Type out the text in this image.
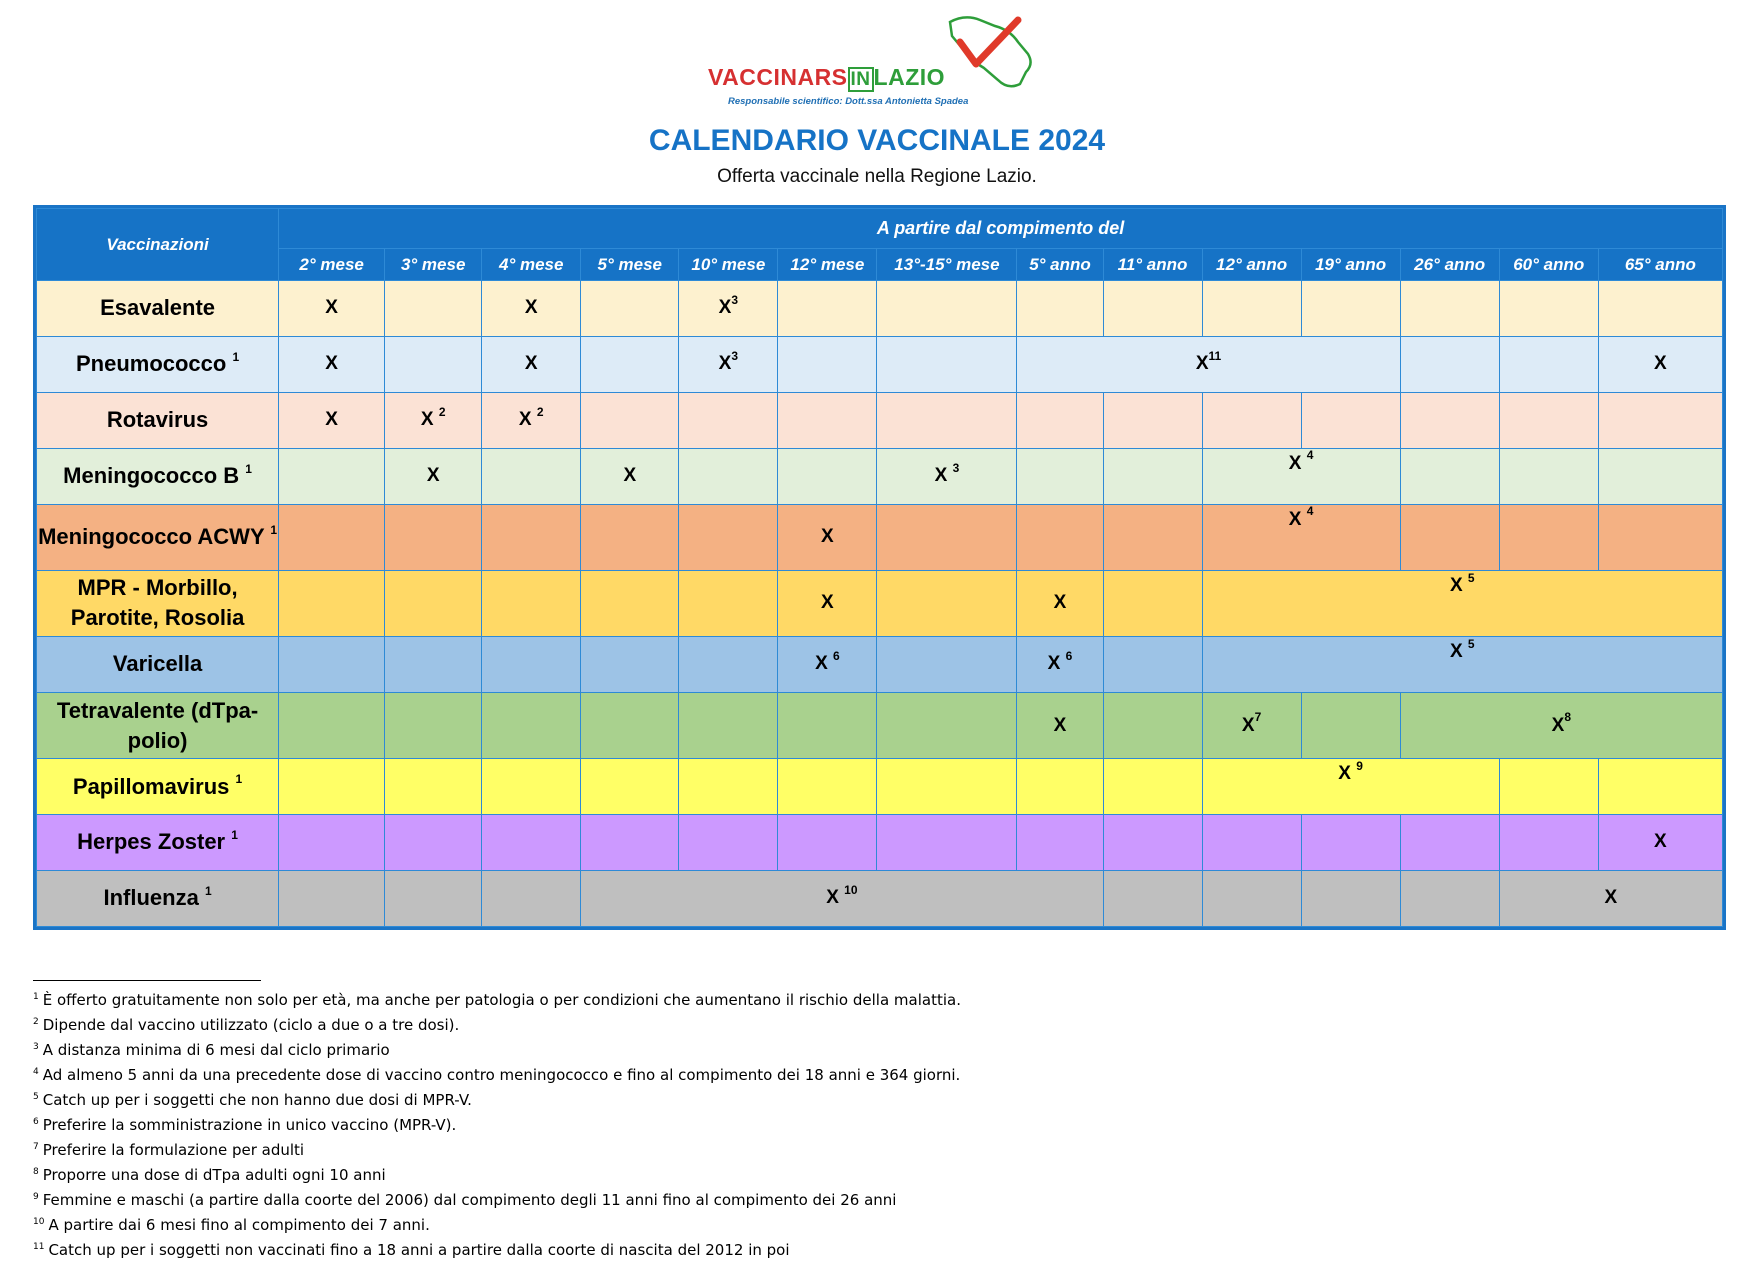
VACCINARS IN LAZIO
Responsabile scientifico: Dott.ssa Antonietta Spadea
CALENDARIO VACCINALE 2024
Offerta vaccinale nella Regione Lazio.
Vaccinazioni	A partire dal compimento del													
	2° mese	3° mese	4° mese	5° mese	10° mese	12° mese	13°-15° mese	5° anno	11° anno	12° anno	19° anno	26° anno	60° anno	65° anno
Esavalente	X		X		$X^3$									
Pneumococco $^1$	X		X		$X^3$			$X^{11}$						X
Rotavirus	X	X $^2$	X $^2$											
Meningococco B $^1$		X		X			X $^3$			X $^4$			
Meningococco ACWY $^1$						X				X $^4$			
MPR - Morbillo, Parotite, Rosolia						X		X		X $^5$
Varicella						X $^6$		X $^6$		X $^5$
Tetravalente (dTpa-polio)								X		$X^7$		$X^8$
Papillomavirus $^1$										X $^9$		
Herpes Zoster $^1$														X
Influenza $^1$				X $^{10}$									X	
$^1$ È offerto gratuitamente non solo per età, ma anche per patologia o per condizioni che aumentano il rischio della malattia.
$^2$ Dipende dal vaccino utilizzato (ciclo a due o a tre dosi).
$^3$ A distanza minima di 6 mesi dal ciclo primario
$^4$ Ad almeno 5 anni da una precedente dose di vaccino contro meningococco e fino al compimento dei 18 anni e 364 giorni.
$^5$ Catch up per i soggetti che non hanno due dosi di MPR-V.
$^6$ Preferire la somministrazione in unico vaccino (MPR-V).
$^7$ Preferire la formulazione per adulti
$^8$ Proporre una dose di dTpa adulti ogni 10 anni
$^9$ Femmine e maschi (a partire dalla coorte del 2006) dal compimento degli 11 anni fino al compimento dei 26 anni
$^{10}$ A partire dai 6 mesi fino al compimento dei 7 anni.
$^{11}$ Catch up per i soggetti non vaccinati fino a 18 anni a partire dalla coorte di nascita del 2012 in poi
